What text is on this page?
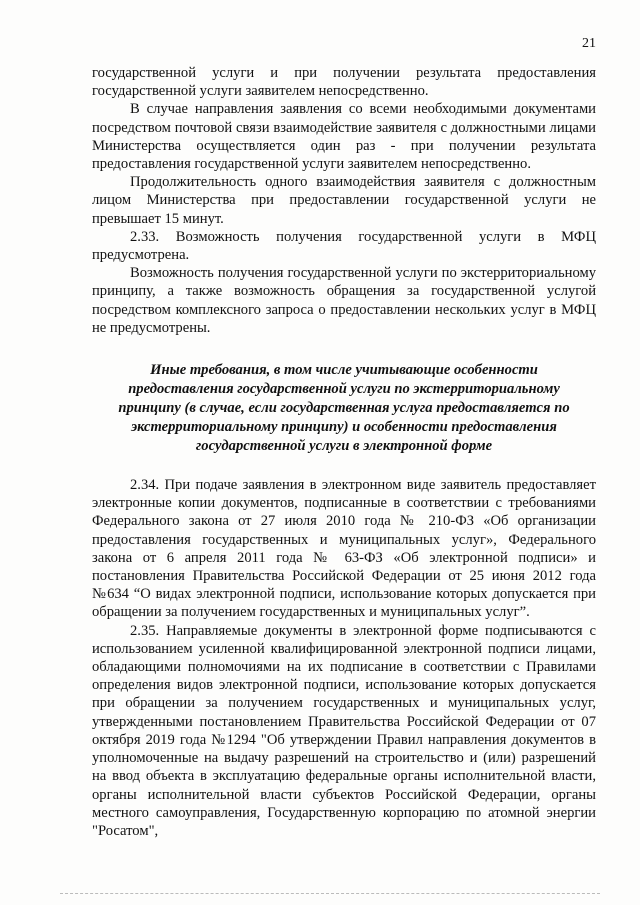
21

государственной услуги и при получении результата предоставления государственной услуги заявителем непосредственно.

В случае направления заявления со всеми необходимыми документами посредством почтовой связи взаимодействие заявителя с должностными лицами Министерства осуществляется один раз - при получении результата предоставления государственной услуги заявителем непосредственно.

Продолжительность одного взаимодействия заявителя с должностным лицом Министерства при предоставлении государственной услуги не превышает 15 минут.

2.33. Возможность получения государственной услуги в МФЦ предусмотрена.

Возможность получения государственной услуги по экстерриториальному принципу, а также возможность обращения за государственной услугой посредством комплексного запроса о предоставлении нескольких услуг в МФЦ не предусмотрены.

Иные требования, в том числе учитывающие особенности предоставления государственной услуги по экстерриториальному принципу (в случае, если государственная услуга предоставляется по экстерриториальному принципу) и особенности предоставления государственной услуги в электронной форме

2.34. При подаче заявления в электронном виде заявитель предоставляет электронные копии документов, подписанные в соответствии с требованиями Федерального закона от 27 июля 2010 года № 210-ФЗ «Об организации предоставления государственных и муниципальных услуг», Федерального закона от 6 апреля 2011 года № 63-ФЗ «Об электронной подписи» и постановления Правительства Российской Федерации от 25 июня 2012 года №634 “О видах электронной подписи, использование которых допускается при обращении за получением государственных и муниципальных услуг”.

2.35. Направляемые документы в электронной форме подписываются с использованием усиленной квалифицированной электронной подписи лицами, обладающими полномочиями на их подписание в соответствии с Правилами определения видов электронной подписи, использование которых допускается при обращении за получением государственных и муниципальных услуг, утвержденными постановлением Правительства Российской Федерации от 07 октября 2019 года №1294 "Об утверждении Правил направления документов в уполномоченные на выдачу разрешений на строительство и (или) разрешений на ввод объекта в эксплуатацию федеральные органы исполнительной власти, органы исполнительной власти субъектов Российской Федерации, органы местного самоуправления, Государственную корпорацию по атомной энергии "Росатом",
